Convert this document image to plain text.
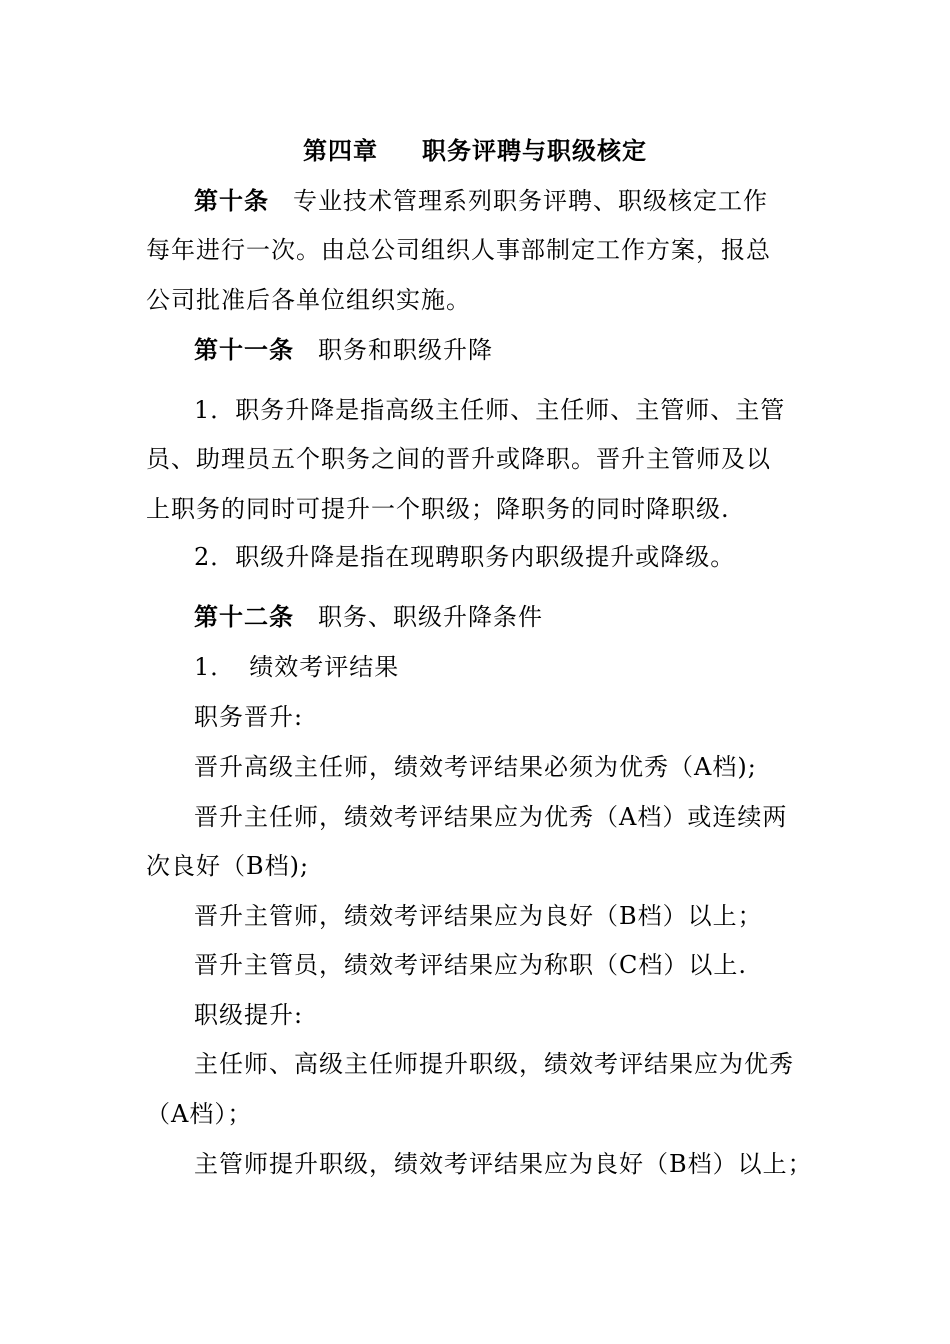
第四章 职务评聘与职级核定
第十条 专业技术管理系列职务评聘、职级核定工作
每年进行一次。由总公司组织人事部制定工作方案，报总
公司批准后各单位组织实施。
第十一条 职务和职级升降
1．职务升降是指高级主任师、主任师、主管师、主管
员、助理员五个职务之间的晋升或降职。晋升主管师及以
上职务的同时可提升一个职级；降职务的同时降职级.
2．职级升降是指在现聘职务内职级提升或降级。
第十二条 职务、职级升降条件
1． 绩效考评结果
职务晋升:
晋升高级主任师，绩效考评结果必须为优秀（A档);
晋升主任师，绩效考评结果应为优秀（A档）或连续两
次良好（B档);
晋升主管师，绩效考评结果应为良好（B档）以上；
晋升主管员，绩效考评结果应为称职（C档）以上.
职级提升:
主任师、高级主任师提升职级，绩效考评结果应为优秀
（A档）；
主管师提升职级，绩效考评结果应为良好（B档）以上；
